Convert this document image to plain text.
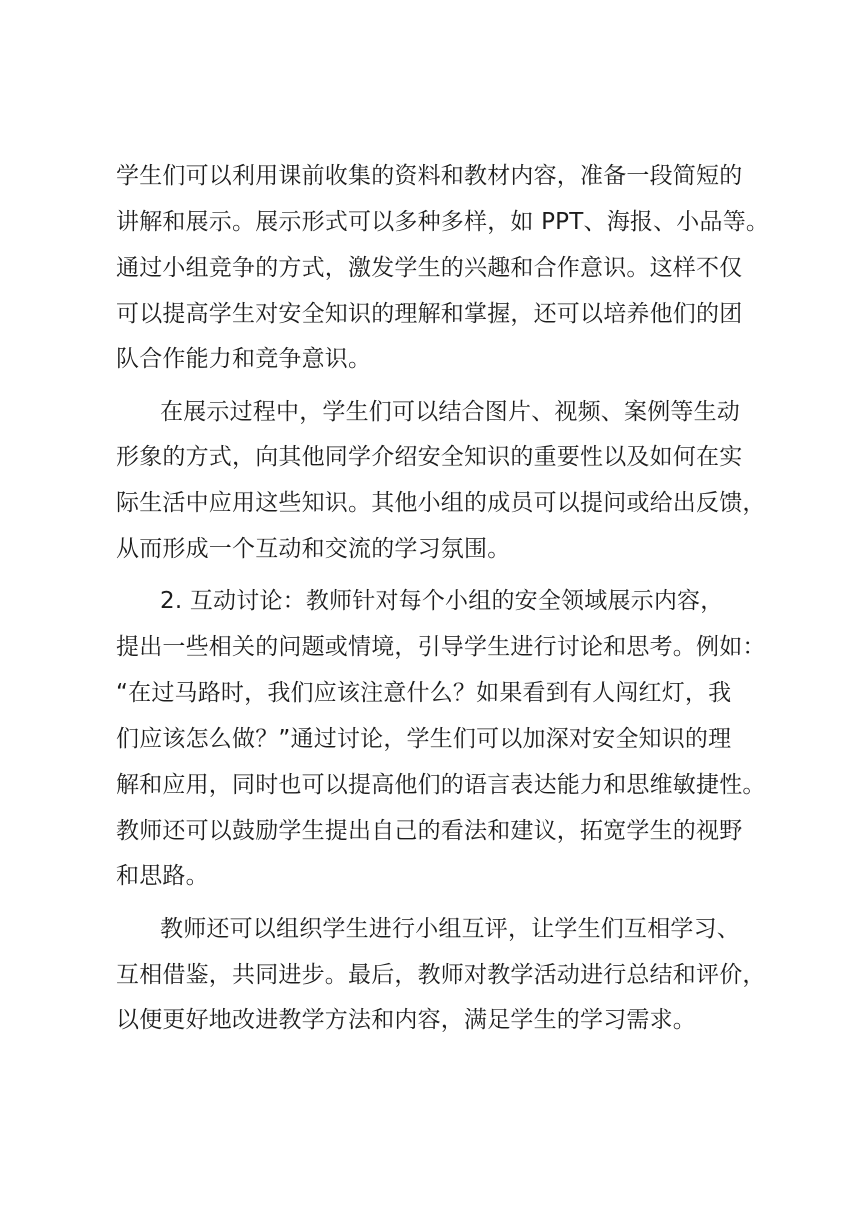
学生们可以利用课前收集的资料和教材内容，准备一段简短的
讲解和展示。展示形式可以多种多样，如 PPT、海报、小品等。
通过小组竞争的方式，激发学生的兴趣和合作意识。这样不仅
可以提高学生对安全知识的理解和掌握，还可以培养他们的团
队合作能力和竞争意识。
在展示过程中，学生们可以结合图片、视频、案例等生动
形象的方式，向其他同学介绍安全知识的重要性以及如何在实
际生活中应用这些知识。其他小组的成员可以提问或给出反馈，
从而形成一个互动和交流的学习氛围。
2. 互动讨论：教师针对每个小组的安全领域展示内容，
提出一些相关的问题或情境，引导学生进行讨论和思考。例如：
“在过马路时，我们应该注意什么？如果看到有人闯红灯，我
们应该怎么做？”通过讨论，学生们可以加深对安全知识的理
解和应用，同时也可以提高他们的语言表达能力和思维敏捷性。
教师还可以鼓励学生提出自己的看法和建议，拓宽学生的视野
和思路。
教师还可以组织学生进行小组互评，让学生们互相学习、
互相借鉴，共同进步。最后，教师对教学活动进行总结和评价，
以便更好地改进教学方法和内容，满足学生的学习需求。
